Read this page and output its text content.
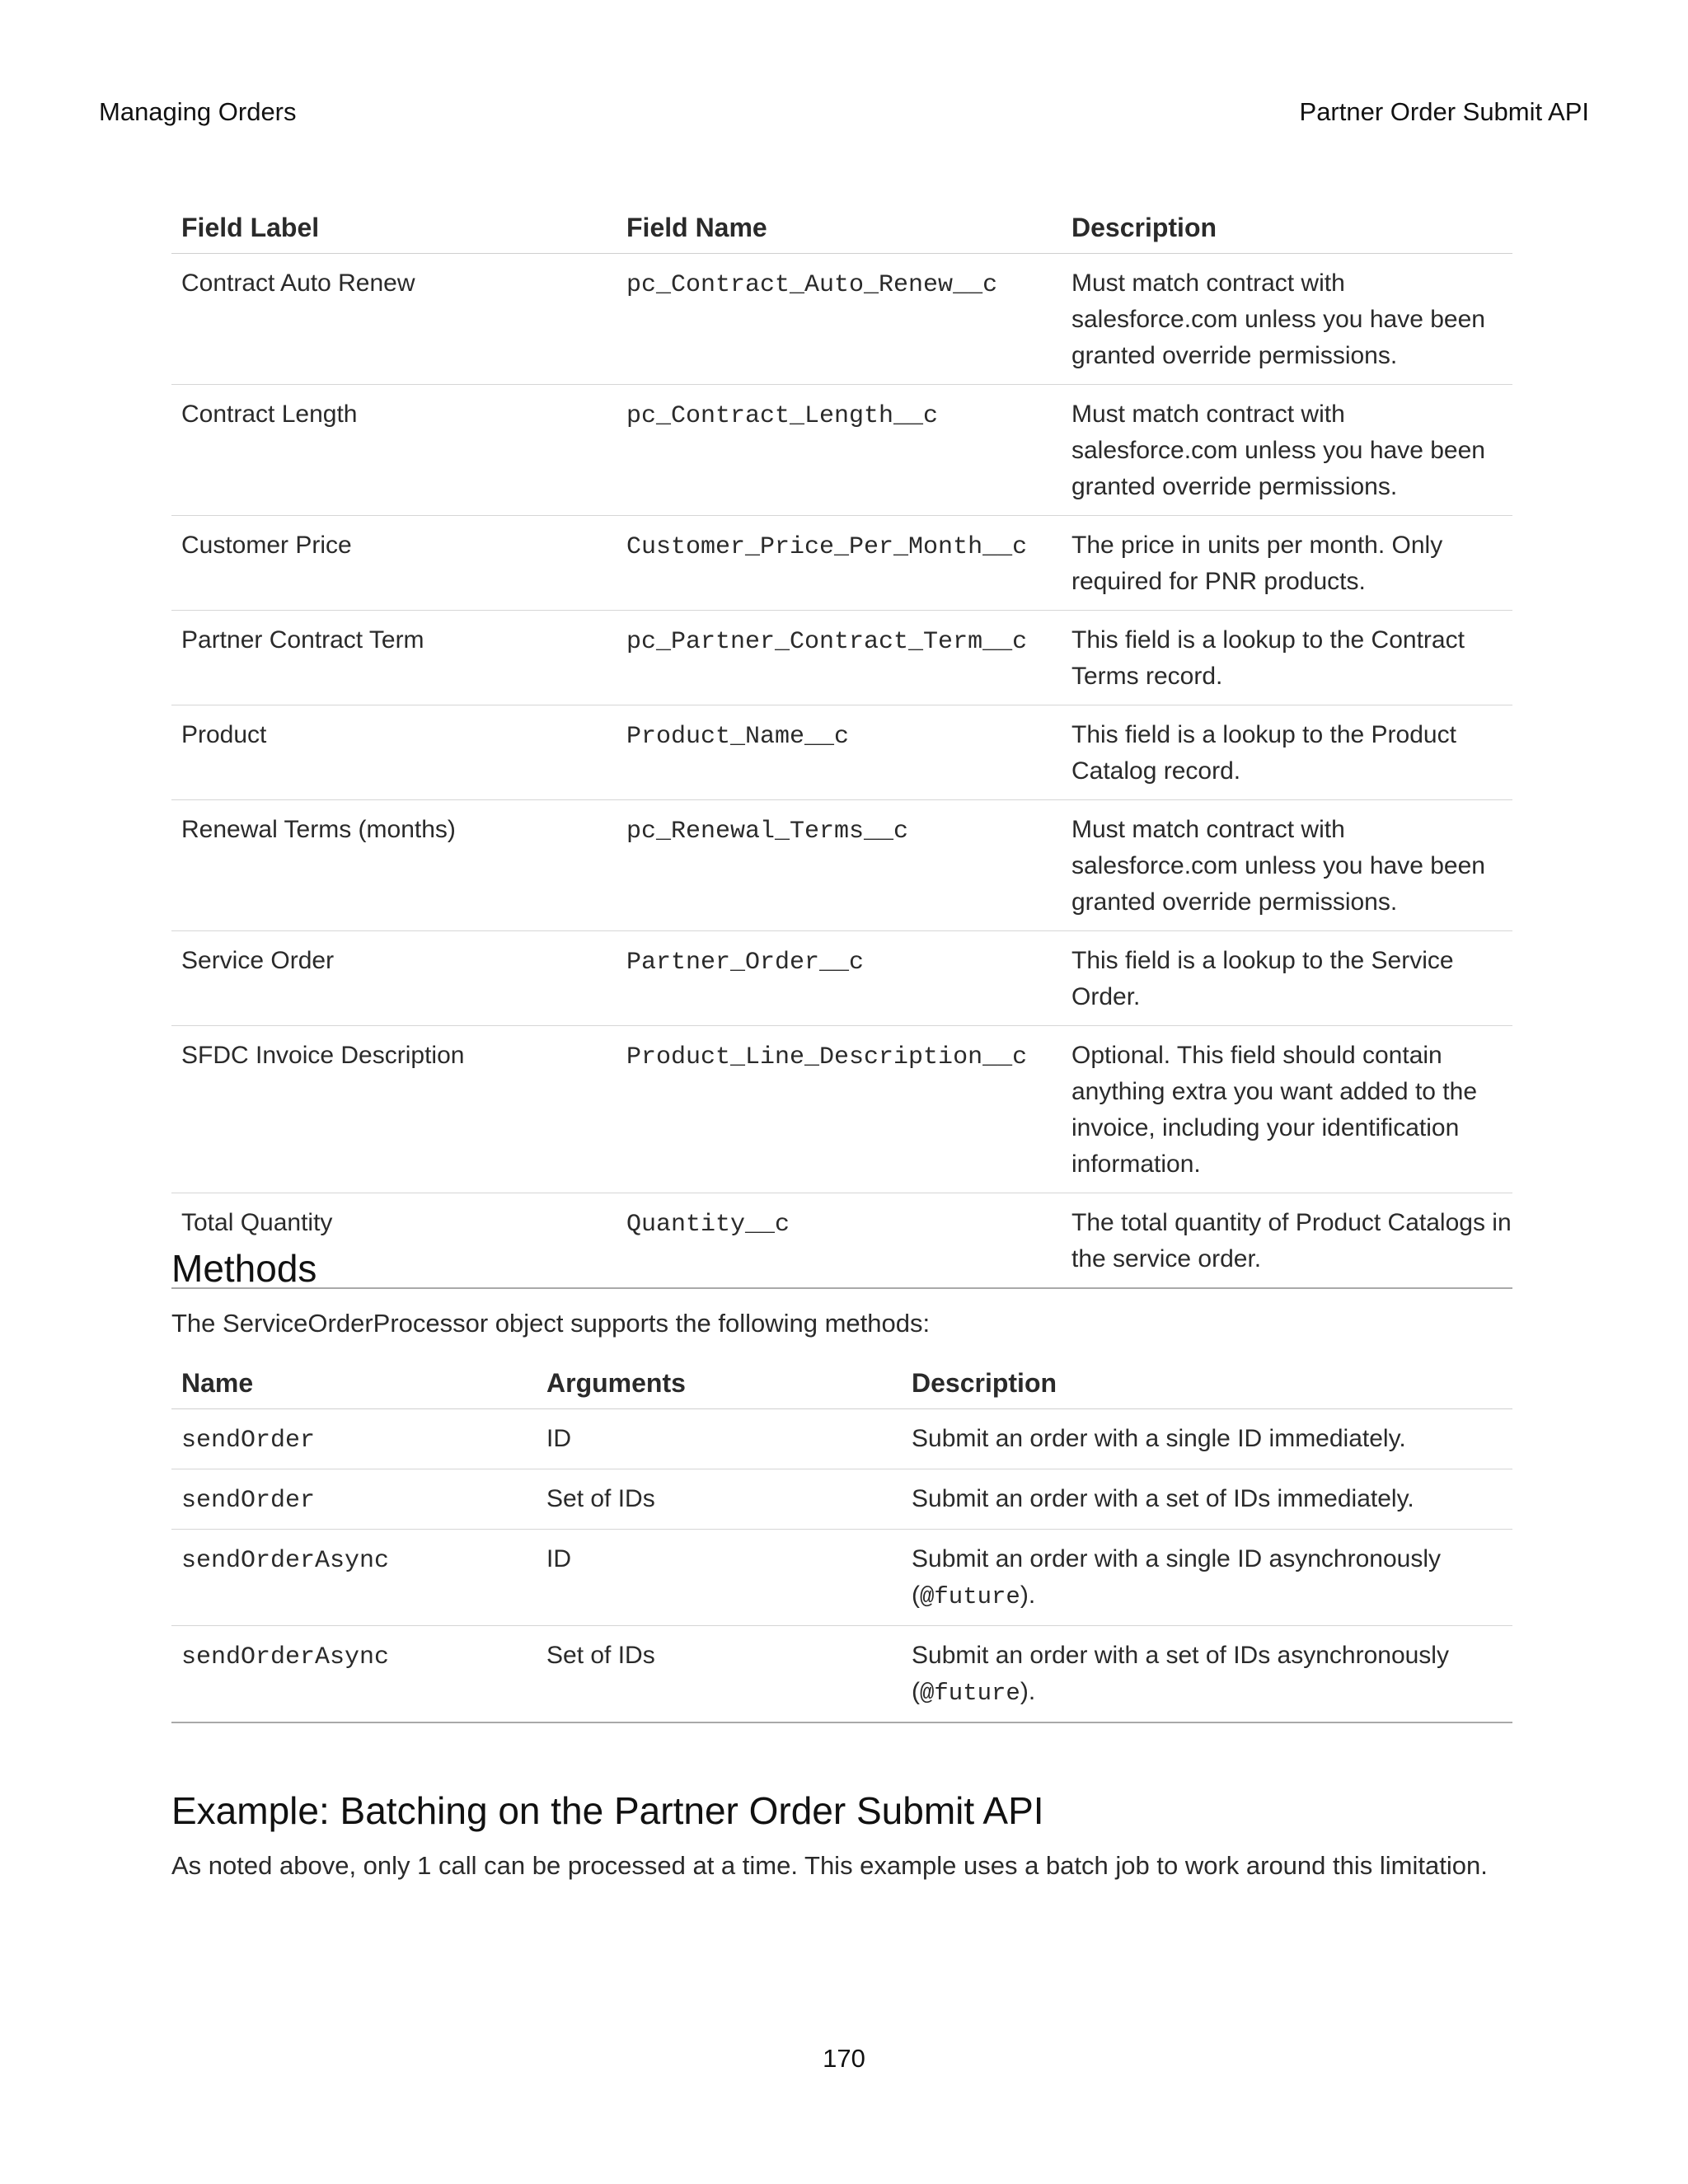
Managing Orders	Partner Order Submit API
Field Label	Field Name	Description
Contract Auto Renew	pc_Contract_Auto_Renew__c	Must match contract with salesforce.com unless you have been granted override permissions.
Contract Length	pc_Contract_Length__c	Must match contract with salesforce.com unless you have been granted override permissions.
Customer Price	Customer_Price_Per_Month__c	The price in units per month. Only required for PNR products.
Partner Contract Term	pc_Partner_Contract_Term__c	This field is a lookup to the Contract Terms record.
Product	Product_Name__c	This field is a lookup to the Product Catalog record.
Renewal Terms (months)	pc_Renewal_Terms__c	Must match contract with salesforce.com unless you have been granted override permissions.
Service Order	Partner_Order__c	This field is a lookup to the Service Order.
SFDC Invoice Description	Product_Line_Description__c	Optional. This field should contain anything extra you want added to the invoice, including your identification information.
Total Quantity	Quantity__c	The total quantity of Product Catalogs in the service order.
Methods

The ServiceOrderProcessor object supports the following methods:

Name	Arguments	Description
sendOrder	ID	Submit an order with a single ID immediately.
sendOrder	Set of IDs	Submit an order with a set of IDs immediately.
sendOrderAsync	ID	Submit an order with a single ID asynchronously (@future).
sendOrderAsync	Set of IDs	Submit an order with a set of IDs asynchronously (@future).
Example: Batching on the Partner Order Submit API

As noted above, only 1 call can be processed at a time. This example uses a batch job to work around this limitation.

170
